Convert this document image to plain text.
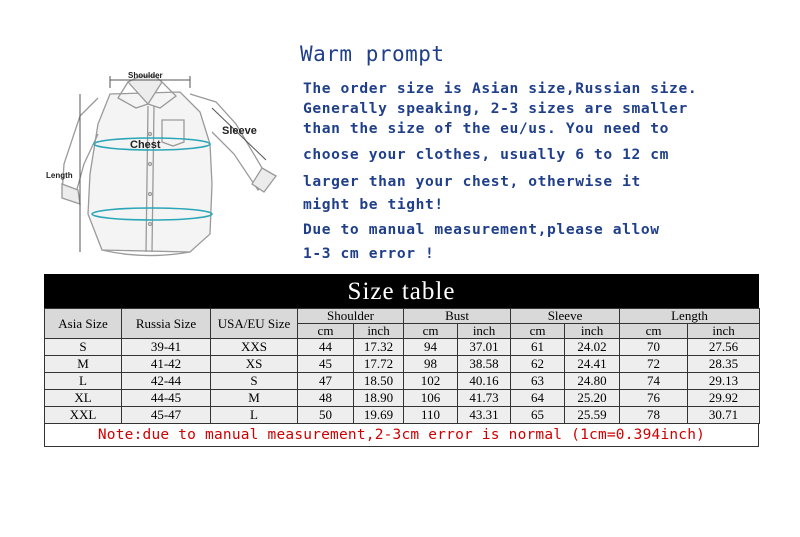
Shoulder
Chest
Sleeve
Length
Warm prompt
The order size is Asian size,Russian size.
Generally speaking, 2-3 sizes are smaller
than the size of the eu/us. You need to
choose your clothes, usually 6 to 12 cm
larger than your chest, otherwise it
might be tight!
Due to manual measurement,please allow
1-3 cm error !
Size table
Asia Size	Russia Size	USA/EU Size	Shoulder		Bust		Sleeve		Length	
			cm	inch	cm	inch	cm	inch	cm	inch
S	39-41	XXS	44	17.32	94	37.01	61	24.02	70	27.56
M	41-42	XS	45	17.72	98	38.58	62	24.41	72	28.35
L	42-44	S	47	18.50	102	40.16	63	24.80	74	29.13
XL	44-45	M	48	18.90	106	41.73	64	25.20	76	29.92
XXL	45-47	L	50	19.69	110	43.31	65	25.59	78	30.71
Note:due to manual measurement,2-3cm error is normal (1cm=0.394inch)
